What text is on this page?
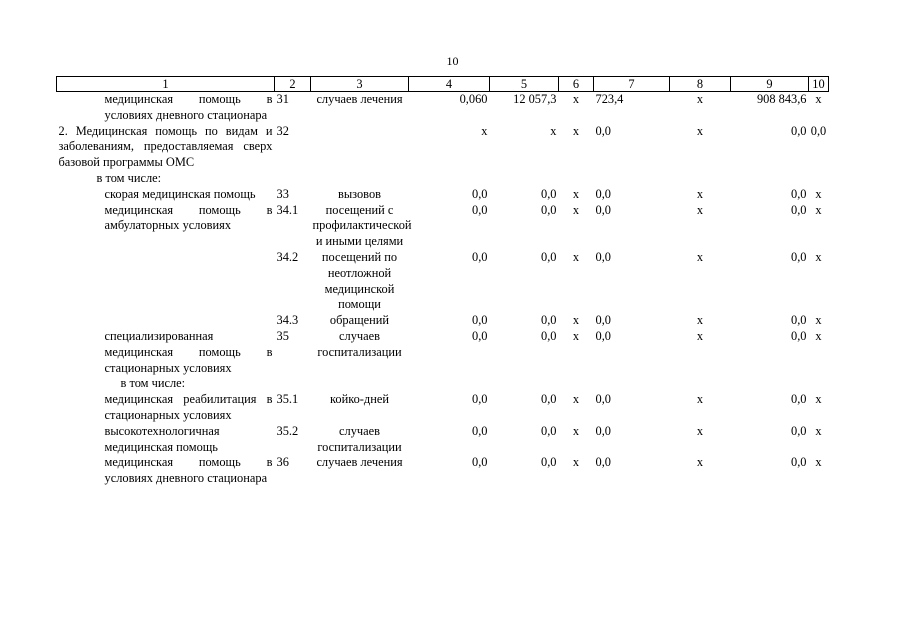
10
1	2	3	4	5	6	7	8	9	10
медицинская помощь в условиях дневного стационара	31	случаев лечения	0,060	12 057,3	x	723,4	x	908 843,6	x
2. Медицинская помощь по видам и заболеваниям, предоставляемая сверх базовой программы ОМС	32		x	x	x	0,0	x	0,0	0,0
в том числе:									
скорая медицинская помощь	33	вызовов	0,0	0,0	x	0,0	x	0,0	x
медицинская помощь в амбулаторных условиях	34.1	посещений с профилактической и иными целями	0,0	0,0	x	0,0	x	0,0	x
	34.2	посещений по неотложной медицинской помощи	0,0	0,0	x	0,0	x	0,0	x
	34.3	обращений	0,0	0,0	x	0,0	x	0,0	x
специализированная медицинская помощь в стационарных условиях	35	случаев госпитализации	0,0	0,0	x	0,0	x	0,0	x
в том числе:									
медицинская реабилитация в стационарных условиях	35.1	койко-дней	0,0	0,0	x	0,0	x	0,0	x
высокотехнологичная медицинская помощь	35.2	случаев госпитализации	0,0	0,0	x	0,0	x	0,0	x
медицинская помощь в условиях дневного стационара	36	случаев лечения	0,0	0,0	x	0,0	x	0,0	x
